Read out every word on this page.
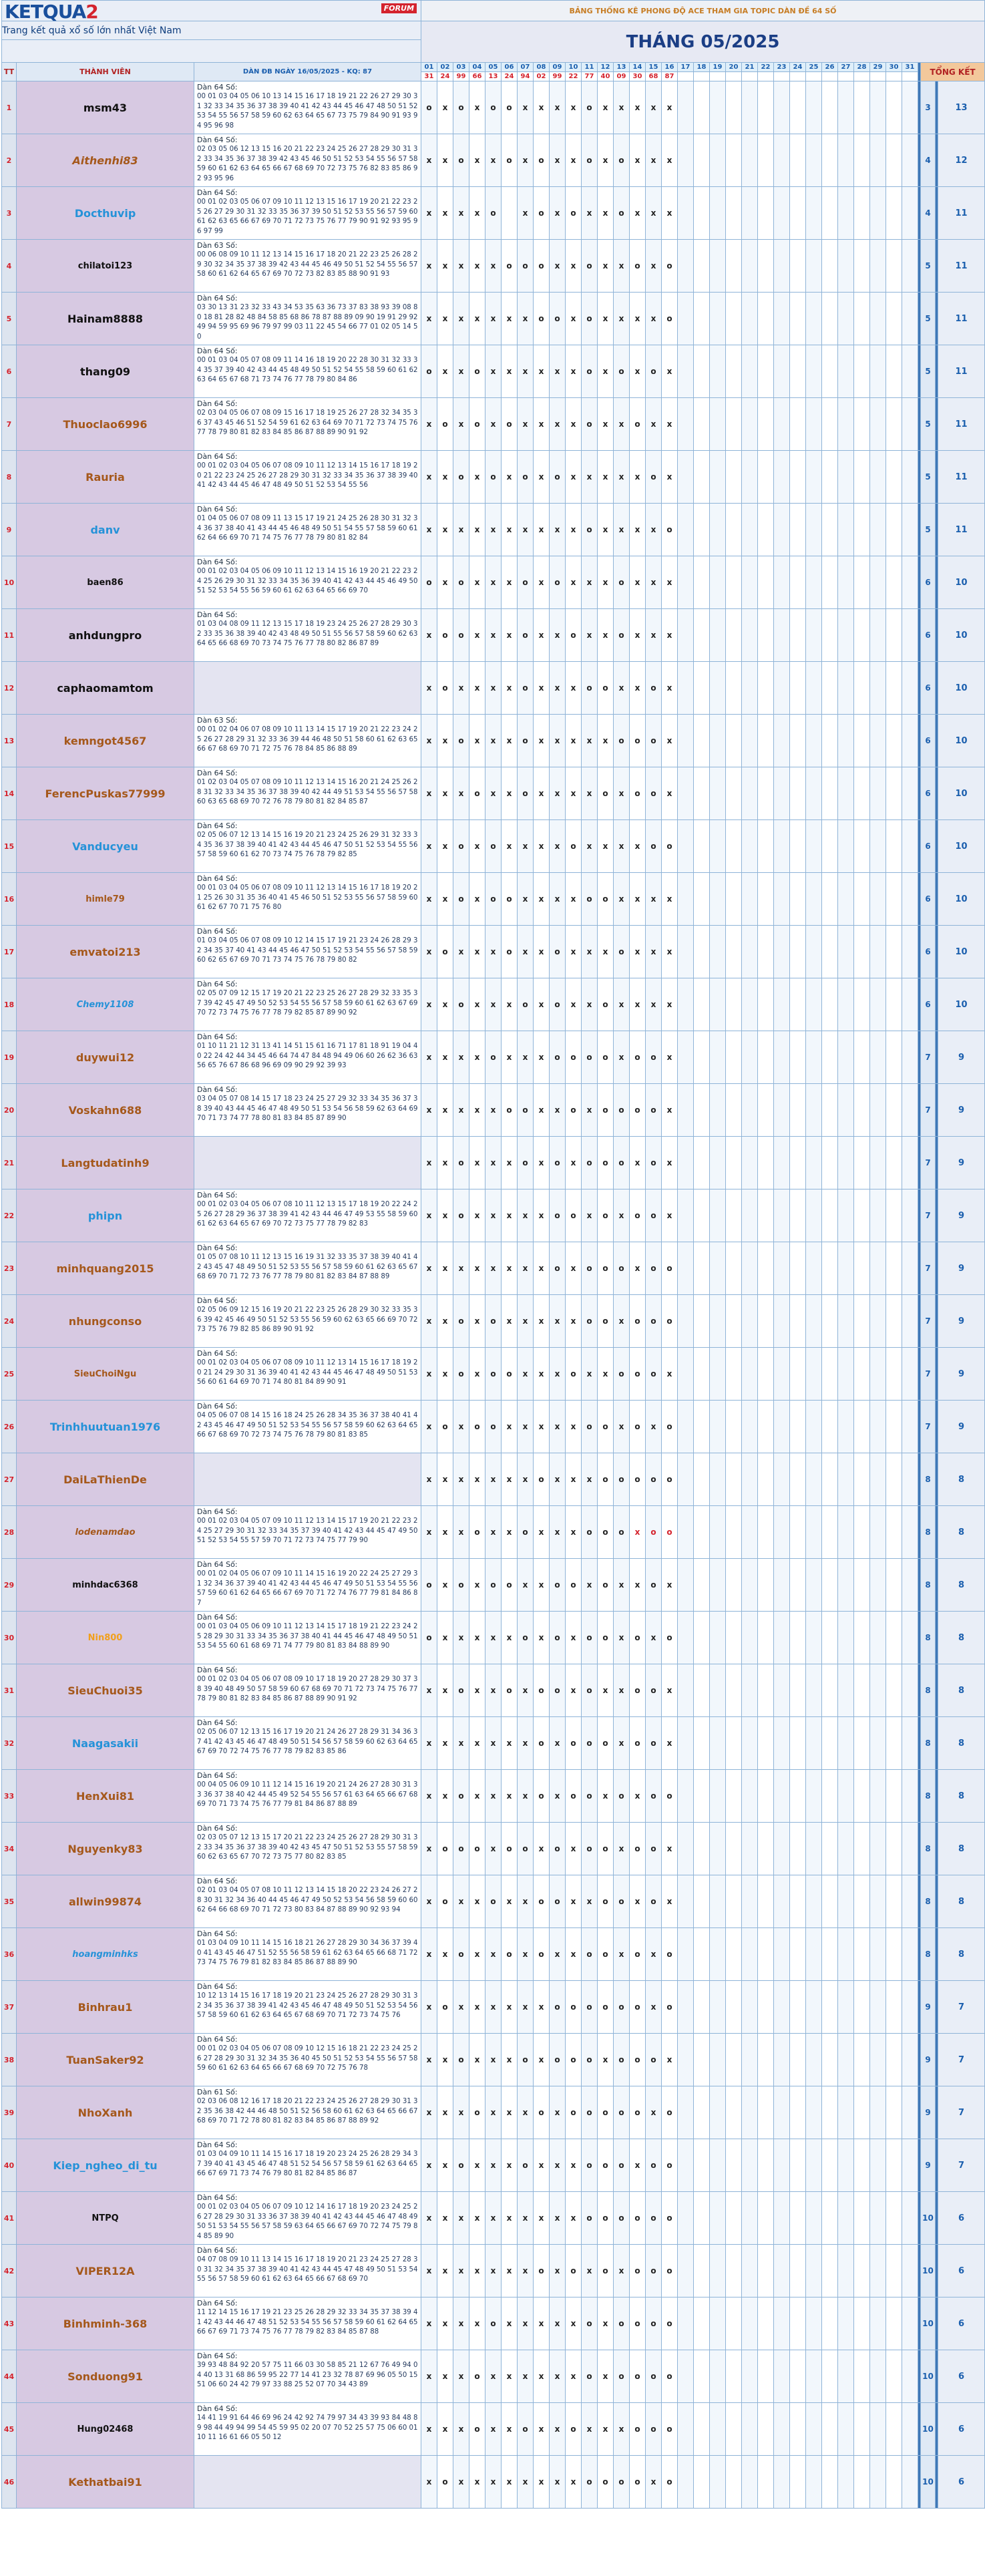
KETQUA2 FORUM			BẢNG THỐNG KÊ PHONG ĐỘ ACE THAM GIA TOPIC DÀN ĐỀ 64 SỐ																																		
Trang kết quả xổ số lớn nhất Việt Nam			THÁNG 05/2025																																		

TT	THÀNH VIÊN	DÀN ĐB NGÀY 16/05/2025 - KQ: 87	01	02	03	04	05	06	07	08	09	10	11	12	13	14	15	16	17	18	19	20	21	22	23	24	25	26	27	28	29	30	31		TỔNG KẾT		
			31	24	99	66	13	24	94	02	99	22	77	40	09	30	68	87																			
1	msm43	Dàn 64 Số:
00 01 03 04 05 06 10 13 14 15 16 17 18 19 21 22 26 27 29 30 31 32 33 34 35 36 37 38 39 40 41 42 43 44 45 46 47 48 50 51 52 53 54 55 56 57 58 59 60 62 63 64 65 67 73 75 79 84 90 91 93 94 95 96 98	o	x	o	x	o	o	x	x	x	x	o	x	x	x	x	x																	3		13
2	Aithenhi83	Dàn 64 Số:
02 03 05 06 12 13 15 16 20 21 22 23 24 25 26 27 28 29 30 31 32 33 34 35 36 37 38 39 42 43 45 46 50 51 52 53 54 55 56 57 58 59 60 61 62 63 64 65 66 67 68 69 70 72 73 75 76 82 83 85 86 92 93 95 96	x	x	o	x	x	o	x	o	x	x	o	x	o	x	x	x																	4		12
3	Docthuvip	Dàn 64 Số:
00 01 02 03 05 06 07 09 10 11 12 13 15 16 17 19 20 21 22 23 25 26 27 29 30 31 32 33 35 36 37 39 50 51 52 53 55 56 57 59 60 61 62 63 65 66 67 69 70 71 72 73 75 76 77 79 90 91 92 93 95 96 97 99	x	x	x	x	o		x	o	x	o	x	x	o	x	x	x																	4		11
4	chilatoi123	Dàn 63 Số:
00 06 08 09 10 11 12 13 14 15 16 17 18 20 21 22 23 25 26 28 29 30 32 34 35 37 38 39 42 43 44 45 46 49 50 51 52 54 55 56 57 58 60 61 62 64 65 67 69 70 72 73 82 83 85 88 90 91 93	x	x	x	x	x	o	o	o	x	x	o	x	x	o	x	o																	5		11
5	Hainam8888	Dàn 64 Số:
03 30 13 31 23 32 33 43 34 53 35 63 36 73 37 83 38 93 39 08 80 18 81 28 82 48 84 58 85 68 86 78 87 88 89 09 90 19 91 29 92 49 94 59 95 69 96 79 97 99 03 11 22 45 54 66 77 01 02 05 14 50	x	x	x	x	x	x	x	o	o	x	o	x	x	x	x	o																	5		11
6	thang09	Dàn 64 Số:
00 01 03 04 05 07 08 09 11 14 16 18 19 20 22 28 30 31 32 33 34 35 37 39 40 42 43 44 45 48 49 50 51 52 54 55 58 59 60 61 62 63 64 65 67 68 71 73 74 76 77 78 79 80 84 86	o	x	x	o	x	x	x	x	x	x	o	x	o	x	o	x																	5		11
7	Thuoclao6996	Dàn 64 Số:
02 03 04 05 06 07 08 09 15 16 17 18 19 25 26 27 28 32 34 35 36 37 43 45 46 51 52 54 59 61 62 63 64 69 70 71 72 73 74 75 76 77 78 79 80 81 82 83 84 85 86 87 88 89 90 91 92	x	o	x	o	x	o	x	x	x	x	o	x	x	o	x	x																	5		11
8	Rauria	Dàn 64 Số:
00 01 02 03 04 05 06 07 08 09 10 11 12 13 14 15 16 17 18 19 20 21 22 23 24 25 26 27 28 29 30 31 32 33 34 35 36 37 38 39 40 41 42 43 44 45 46 47 48 49 50 51 52 53 54 55 56	x	x	o	x	o	x	o	x	o	x	x	x	x	x	o	x																	5		11
9	danv	Dàn 64 Số:
01 04 05 06 07 08 09 11 13 15 17 19 21 24 25 26 28 30 31 32 34 36 37 38 40 41 43 44 45 46 48 49 50 51 54 55 57 58 59 60 61 62 64 66 69 70 71 74 75 76 77 78 79 80 81 82 84	x	x	x	x	x	x	x	x	x	x	o	x	x	x	x	o																	5		11
10	baen86	Dàn 64 Số:
00 01 02 03 04 05 06 09 10 11 12 13 14 15 16 19 20 21 22 23 24 25 26 29 30 31 32 33 34 35 36 39 40 41 42 43 44 45 46 49 50 51 52 53 54 55 56 59 60 61 62 63 64 65 66 69 70	o	x	o	x	x	x	o	x	o	x	x	x	o	x	x	x																	6		10
11	anhdungpro	Dàn 64 Số:
01 03 04 08 09 11 12 13 15 17 18 19 23 24 25 26 27 28 29 30 32 33 35 36 38 39 40 42 43 48 49 50 51 55 56 57 58 59 60 62 63 64 65 66 68 69 70 73 74 75 76 77 78 80 82 86 87 89	x	o	o	x	x	x	o	x	x	o	x	x	o	x	x	x																	6		10
12	caphaomamtom		x	o	x	x	x	x	o	x	x	x	o	o	x	x	o	x																	6		10
13	kemngot4567	Dàn 63 Số:
00 01 02 04 06 07 08 09 10 11 13 14 15 17 19 20 21 22 23 24 25 26 27 28 29 31 32 33 36 39 44 46 48 50 51 58 60 61 62 63 65 66 67 68 69 70 71 72 75 76 78 84 85 86 88 89	x	x	o	x	x	x	o	x	x	x	x	x	o	o	o	x																	6		10
14	FerencPuskas77999	Dàn 64 Số:
01 02 03 04 05 07 08 09 10 11 12 13 14 15 16 20 21 24 25 26 28 31 32 33 34 35 36 37 38 39 40 42 44 49 51 53 54 55 56 57 58 60 63 65 68 69 70 72 76 78 79 80 81 82 84 85 87	x	x	x	o	x	x	o	x	x	x	x	o	x	o	o	x																	6		10
15	Vanducyeu	Dàn 64 Số:
02 05 06 07 12 13 14 15 16 19 20 21 23 24 25 26 29 31 32 33 34 35 36 37 38 39 40 41 42 43 44 45 46 47 50 51 52 53 54 55 56 57 58 59 60 61 62 70 73 74 75 76 78 79 82 85	x	x	o	x	o	x	x	x	x	o	x	x	x	x	o	o																	6		10
16	himle79	Dàn 64 Số:
00 01 03 04 05 06 07 08 09 10 11 12 13 14 15 16 17 18 19 20 21 25 26 30 31 35 36 40 41 45 46 50 51 52 53 55 56 57 58 59 60 61 62 67 70 71 75 76 80	x	x	o	x	o	o	x	x	x	x	o	o	x	x	x	x																	6		10
17	emvatoi213	Dàn 64 Số:
01 03 04 05 06 07 08 09 10 12 14 15 17 19 21 23 24 26 28 29 32 34 35 37 40 41 43 44 45 46 47 50 51 52 53 54 55 56 57 58 59 60 62 65 67 69 70 71 73 74 75 76 78 79 80 82	x	o	x	x	x	o	x	x	o	x	x	x	o	x	x	x																	6		10
18	Chemy1108	Dàn 64 Số:
02 05 07 09 12 15 17 19 20 21 22 23 25 26 27 28 29 32 33 35 37 39 42 45 47 49 50 52 53 54 55 56 57 58 59 60 61 62 63 67 69 70 72 73 74 75 76 77 78 79 82 85 87 89 90 92	x	x	o	x	x	x	o	x	o	x	x	o	x	x	x	x																	6		10
19	duywui12	Dàn 64 Số:
01 10 11 21 12 31 13 41 14 51 15 61 16 71 17 81 18 91 19 04 40 22 24 42 44 34 45 46 64 74 47 84 48 94 49 06 60 26 62 36 63 56 65 76 67 86 68 96 69 09 90 29 92 39 93	x	x	x	x	o	x	x	x	o	o	o	o	x	o	o	x																	7		9
20	Voskahn688	Dàn 64 Số:
03 04 05 07 08 14 15 17 18 23 24 25 27 29 32 33 34 35 36 37 38 39 40 43 44 45 46 47 48 49 50 51 53 54 56 58 59 62 63 64 69 70 71 73 74 77 78 80 81 83 84 85 87 89 90	x	x	x	x	x	o	o	x	x	o	x	o	o	o	o	x																	7		9
21	Langtudatinh9		x	x	o	x	x	x	o	x	o	x	o	o	o	x	o	x																	7		9
22	phipn	Dàn 64 Số:
00 01 02 03 04 05 06 07 08 10 11 12 13 15 17 18 19 20 22 24 25 26 27 28 29 36 37 38 39 41 42 43 44 46 47 49 53 55 58 59 60 61 62 63 64 65 67 69 70 72 73 75 77 78 79 82 83	x	x	o	x	x	x	x	x	o	o	x	o	x	o	o	x																	7		9
23	minhquang2015	Dàn 64 Số:
01 05 07 08 10 11 12 13 15 16 19 31 32 33 35 37 38 39 40 41 42 43 45 47 48 49 50 51 52 53 55 56 57 58 59 60 61 62 63 65 67 68 69 70 71 72 73 76 77 78 79 80 81 82 83 84 87 88 89	x	x	x	x	x	x	x	x	o	x	o	o	o	x	o	o																	7		9
24	nhungconso	Dàn 64 Số:
02 05 06 09 12 15 16 19 20 21 22 23 25 26 28 29 30 32 33 35 36 39 42 45 46 49 50 51 52 53 55 56 59 60 62 63 65 66 69 70 72 73 75 76 79 82 85 86 89 90 91 92	x	x	o	x	o	x	x	x	x	x	o	o	x	o	o	o																	7		9
25	SieuChoiNgu	Dàn 64 Số:
00 01 02 03 04 05 06 07 08 09 10 11 12 13 14 15 16 17 18 19 20 21 24 29 30 31 36 39 40 41 42 43 44 45 46 47 48 49 50 51 53 56 60 61 64 69 70 71 74 80 81 84 89 90 91	x	x	o	x	o	o	x	x	x	o	x	x	o	o	o	x																	7		9
26	Trinhhuutuan1976	Dàn 64 Số:
04 05 06 07 08 14 15 16 18 24 25 26 28 34 35 36 37 38 40 41 42 43 45 46 47 49 50 51 52 53 54 55 56 57 58 59 60 62 63 64 65 66 67 68 69 70 72 73 74 75 76 78 79 80 81 83 85	x	o	x	o	o	x	x	x	x	x	o	o	x	o	x	o																	7		9
27	DaiLaThienDe		x	x	x	x	x	x	x	o	x	x	x	o	o	o	o	o																	8		8
28	lodenamdao	Dàn 64 Số:
00 01 02 03 04 05 07 09 10 11 12 13 14 15 17 19 20 21 22 23 24 25 27 29 30 31 32 33 34 35 37 39 40 41 42 43 44 45 47 49 50 51 52 53 54 55 57 59 70 71 72 73 74 75 77 79 90	x	x	x	o	x	x	o	x	x	x	o	o	o	x	o	o																	8		8
29	minhdac6368	Dàn 64 Số:
00 01 02 04 05 06 07 09 10 11 14 15 16 19 20 22 24 25 27 29 31 32 34 36 37 39 40 41 42 43 44 45 46 47 49 50 51 53 54 55 56 57 59 60 61 62 64 65 66 67 69 70 71 72 74 76 77 79 81 84 86 87	o	x	o	x	o	o	x	x	o	o	x	o	x	x	o	x																	8		8
30	Nin800	Dàn 64 Số:
00 01 03 04 05 06 09 10 11 12 13 14 15 17 18 19 21 22 23 24 25 28 29 30 31 33 34 35 36 37 38 40 41 44 45 46 47 48 49 50 51 53 54 55 60 61 68 69 71 74 77 79 80 81 83 84 88 89 90	o	x	x	x	x	x	o	x	o	x	o	o	x	o	x	o																	8		8
31	SieuChuoi35	Dàn 64 Số:
00 01 02 03 04 05 06 07 08 09 10 17 18 19 20 27 28 29 30 37 38 39 40 48 49 50 57 58 59 60 67 68 69 70 71 72 73 74 75 76 77 78 79 80 81 82 83 84 85 86 87 88 89 90 91 92	x	x	o	x	x	o	x	o	o	x	o	x	x	o	o	x																	8		8
32	Naagasakii	Dàn 64 Số:
02 05 06 07 12 13 15 16 17 19 20 21 24 26 27 28 29 31 34 36 37 41 42 43 45 46 47 48 49 50 51 54 56 57 58 59 60 62 63 64 65 67 69 70 72 74 75 76 77 78 79 82 83 85 86	x	x	x	x	x	x	x	o	x	o	o	o	x	o	o	x																	8		8
33	HenXui81	Dàn 64 Số:
00 04 05 06 09 10 11 12 14 15 16 19 20 21 24 26 27 28 30 31 33 36 37 38 40 42 44 45 49 52 54 55 56 57 61 63 64 65 66 67 68 69 70 71 73 74 75 76 77 79 81 84 86 87 88 89	x	x	o	x	x	x	x	o	x	o	o	x	o	x	o	o																	8		8
34	Nguyenky83	Dàn 64 Số:
02 03 05 07 12 13 15 17 20 21 22 23 24 25 26 27 28 29 30 31 32 33 34 35 36 37 38 39 40 42 43 45 47 50 51 52 53 55 57 58 59 60 62 63 65 67 70 72 73 75 77 80 82 83 85	x	o	o	o	x	o	o	x	o	x	o	o	x	o	o	x																	8		8
35	allwin99874	Dàn 64 Số:
02 01 03 04 05 07 08 10 11 12 13 14 15 18 20 22 23 24 26 27 28 30 31 32 34 36 40 44 45 46 47 49 50 52 53 54 56 58 59 60 60 62 64 66 68 69 70 71 72 73 80 83 84 87 88 89 90 92 93 94	x	o	x	x	o	x	x	o	o	x	x	o	o	x	o	x																	8		8
36	hoangminhks	Dàn 64 Số:
01 03 04 09 10 11 14 15 16 18 21 26 27 28 29 30 34 36 37 39 40 41 43 45 46 47 51 52 55 56 58 59 61 62 63 64 65 66 68 71 72 73 74 75 76 79 81 82 83 84 85 86 87 88 89 90	x	x	o	x	x	o	x	o	x	x	o	o	x	o	x	o																	8		8
37	Binhrau1	Dàn 64 Số:
10 12 13 14 15 16 17 18 19 20 21 23 24 25 26 27 28 29 30 31 32 34 35 36 37 38 39 41 42 43 45 46 47 48 49 50 51 52 53 54 56 57 58 59 60 61 62 63 64 65 67 68 69 70 71 72 73 74 75 76	x	o	x	x	x	x	x	x	o	o	o	o	o	o	x	o																	9		7
38	TuanSaker92	Dàn 64 Số:
00 01 02 03 04 05 06 07 08 09 10 12 15 16 18 21 22 23 24 25 26 27 28 29 30 31 32 34 35 36 40 45 50 51 52 53 54 55 56 57 58 59 60 61 62 63 64 65 66 67 68 69 70 72 75 76 78	x	x	o	x	x	x	o	x	o	o	o	x	o	o	o	x																	9		7
39	NhoXanh	Dàn 61 Số:
02 03 06 08 12 16 17 18 20 21 22 23 24 25 26 27 28 29 30 31 32 35 36 38 42 44 46 48 50 51 52 56 58 60 61 62 63 64 65 66 67 68 69 70 71 72 78 80 81 82 83 84 85 86 87 88 89 92	x	x	x	o	x	x	x	o	x	o	o	o	o	o	x	o																	9		7
40	Kiep_ngheo_di_tu	Dàn 64 Số:
01 03 04 09 10 11 14 15 16 17 18 19 20 23 24 25 26 28 29 34 37 39 40 41 43 45 46 47 48 51 52 54 56 57 58 59 61 62 63 64 65 66 67 69 71 73 74 76 79 80 81 82 84 85 86 87	x	x	o	x	x	x	o	x	x	x	o	o	o	x	o	o																	9		7
41	NTPQ	Dàn 64 Số:
00 01 02 03 04 05 06 07 09 10 12 14 16 17 18 19 20 23 24 25 26 27 28 29 30 31 33 36 37 38 39 40 41 42 43 44 45 46 47 48 49 50 51 53 54 55 56 57 58 59 63 64 65 66 67 69 70 72 74 75 79 84 85 89 90	x	x	x	x	x	x	x	x	x	x	o	o	o	o	o	o																	10		6
42	VIPER12A	Dàn 64 Số:
04 07 08 09 10 11 13 14 15 16 17 18 19 20 21 23 24 25 27 28 30 31 32 34 35 37 38 39 40 41 42 43 44 45 47 48 49 50 51 53 54 55 56 57 58 59 60 61 62 63 64 65 66 67 68 69 70	x	x	x	x	x	x	x	o	x	o	x	o	x	o	o	o																	10		6
43	Binhminh-368	Dàn 64 Số:
11 12 14 15 16 17 19 21 23 25 26 28 29 32 33 34 35 37 38 39 41 42 43 44 46 47 48 51 52 53 54 55 56 57 58 59 60 61 62 64 65 66 67 69 71 73 74 75 76 77 78 79 82 83 84 85 87 88	x	x	x	x	o	x	x	x	x	x	o	x	o	o	o	o																	10		6
44	Sonduong91	Dàn 64 Số:
39 93 48 84 92 20 57 75 11 66 03 30 58 85 21 12 67 76 49 94 04 40 13 31 68 86 59 95 22 77 14 41 23 32 78 87 69 96 05 50 15 51 06 60 24 42 79 97 33 88 25 52 07 70 34 43 89	x	x	x	o	x	x	x	x	x	x	o	x	o	o	o	o																	10		6
45	Hung02468	Dàn 64 Số:
14 41 19 91 64 46 69 96 24 42 92 74 79 97 34 43 39 93 84 48 89 98 44 49 94 99 54 45 59 95 02 20 07 70 52 25 57 75 06 60 01 10 11 16 61 66 05 50 12	x	x	x	o	x	x	o	x	x	o	x	x	x	o	o	o																	10		6
46	Kethatbai91		x	o	x	x	x	x	x	x	x	x	o	o	o	o	x	o																	10		6
